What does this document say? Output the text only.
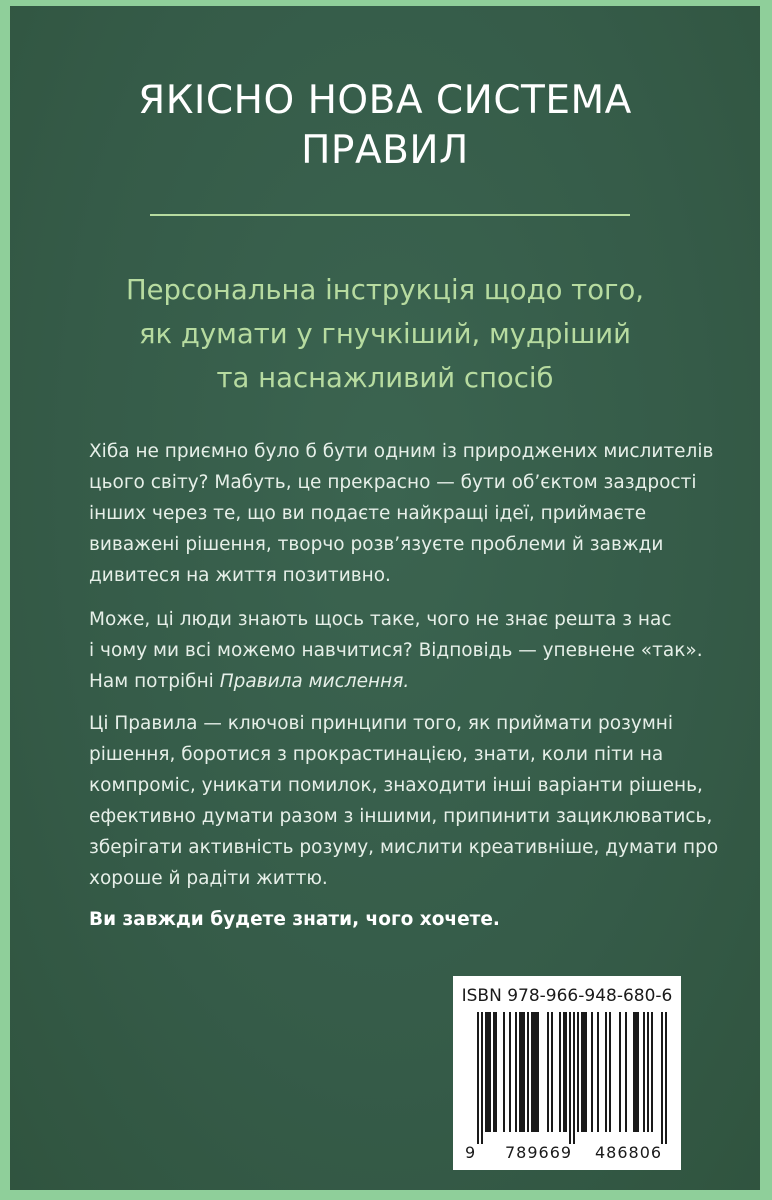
ЯКІСНО НОВА СИСТЕМА
ПРАВИЛ
Персональна інструкція щодо того,
як думати у гнучкіший, мудріший
та наснажливий спосіб

Хіба не приємно було б бути одним із природжених мислителів
цього світу? Мабуть, це прекрасно — бути об’єктом заздрості
інших через те, що ви подаєте найкращі ідеї, приймаєте
виважені рішення, творчо розв’язуєте проблеми й завжди
дивитеся на життя позитивно.

Може, ці люди знають щось таке, чого не знає решта з нас
і чому ми всі можемо навчитися? Відповідь — упевнене «так».
Нам потрібні Правила мислення.

Ці Правила — ключові принципи того, як приймати розумні
рішення, боротися з прокрастинацією, знати, коли піти на
компроміс, уникати помилок, знаходити інші варіанти рішень,
ефективно думати разом з іншими, припинити зациклюватись,
зберігати активність розуму, мислити креативніше, думати про
хороше й радіти життю.

Ви завжди будете знати, чого хочете.

ISBN 978-966-948-680-6
9 789669 486806
